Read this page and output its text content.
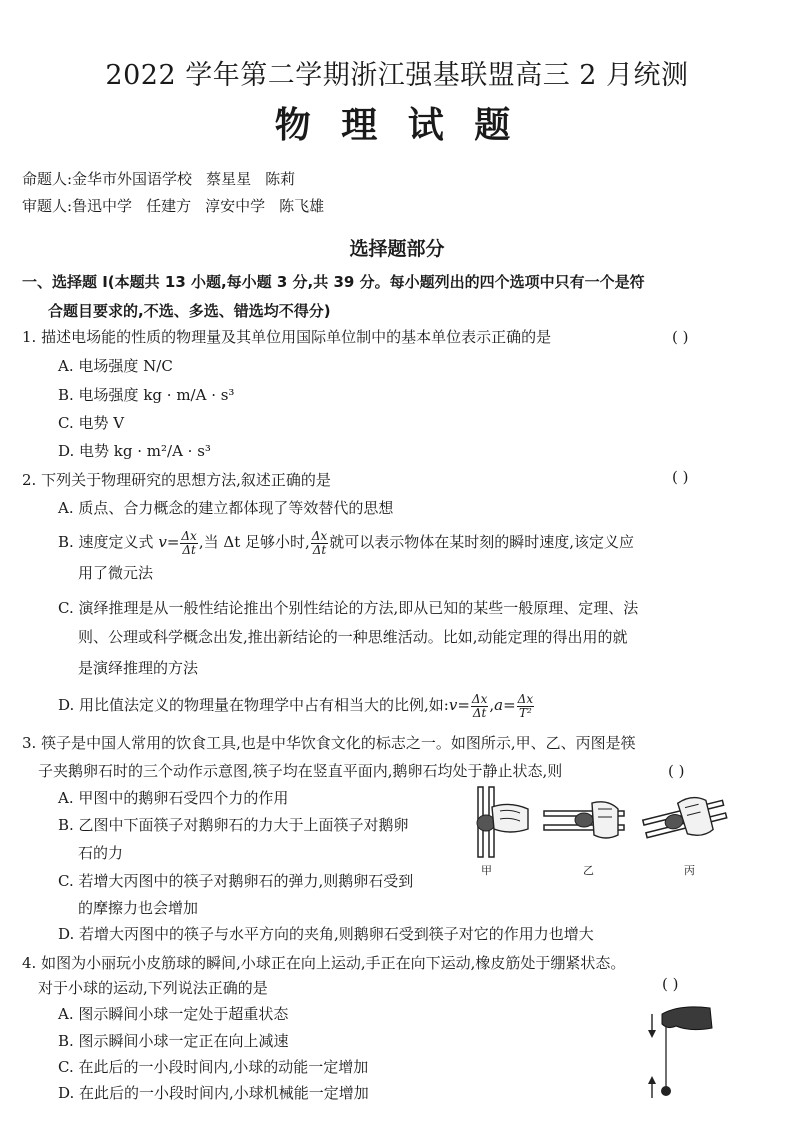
2022 学年第二学期浙江强基联盟高三 2 月统测
物 理 试 题
命题人:金华市外国语学校 蔡星星 陈莉
审题人:鲁迅中学 任建方 淳安中学 陈飞雄
选择题部分
一、选择题 Ⅰ(本题共 13 小题,每小题 3 分,共 39 分。每小题列出的四个选项中只有一个是符
合题目要求的,不选、多选、错选均不得分)
1. 描述电场能的性质的物理量及其单位用国际单位制中的基本单位表示正确的是	( )
A. 电场强度 N/C
B. 电场强度 kg · m/A · s³
C. 电势 V
D. 电势 kg · m²/A · s³
2. 下列关于物理研究的思想方法,叙述正确的是	( )
A. 质点、合力概念的建立都体现了等效替代的思想
B. 速度定义式 $v= \frac{\Delta x}{\Delta t}$ ,当 Δt 足够小时, $\frac{\Delta x}{\Delta t}$ 就可以表示物体在某时刻的瞬时速度,该定义应
用了微元法
C. 演绎推理是从一般性结论推出个别性结论的方法,即从已知的某些一般原理、定理、法
则、公理或科学概念出发,推出新结论的一种思维活动。比如,动能定理的得出用的就
是演绎推理的方法
D. 用比值法定义的物理量在物理学中占有相当大的比例,如:v= $\frac{\Delta x}{\Delta t} ,a= \frac{\Delta x}{\text{T²}}$
3. 筷子是中国人常用的饮食工具,也是中华饮食文化的标志之一。如图所示,甲、乙、丙图是筷
子夹鹅卵石时的三个动作示意图,筷子均在竖直平面内,鹅卵石均处于静止状态,则	( )
A. 甲图中的鹅卵石受四个力的作用
B. 乙图中下面筷子对鹅卵石的力大于上面筷子对鹅卵
石的力
C. 若增大丙图中的筷子对鹅卵石的弹力,则鹅卵石受到
的摩擦力也会增加
D. 若增大丙图中的筷子与水平方向的夹角,则鹅卵石受到筷子对它的作用力也增大
甲	乙	丙
4. 如图为小丽玩小皮筋球的瞬间,小球正在向上运动,手正在向下运动,橡皮筋处于绷紧状态。
对于小球的运动,下列说法正确的是	( )
A. 图示瞬间小球一定处于超重状态
B. 图示瞬间小球一定正在向上减速
C. 在此后的一小段时间内,小球的动能一定增加
D. 在此后的一小段时间内,小球机械能一定增加
